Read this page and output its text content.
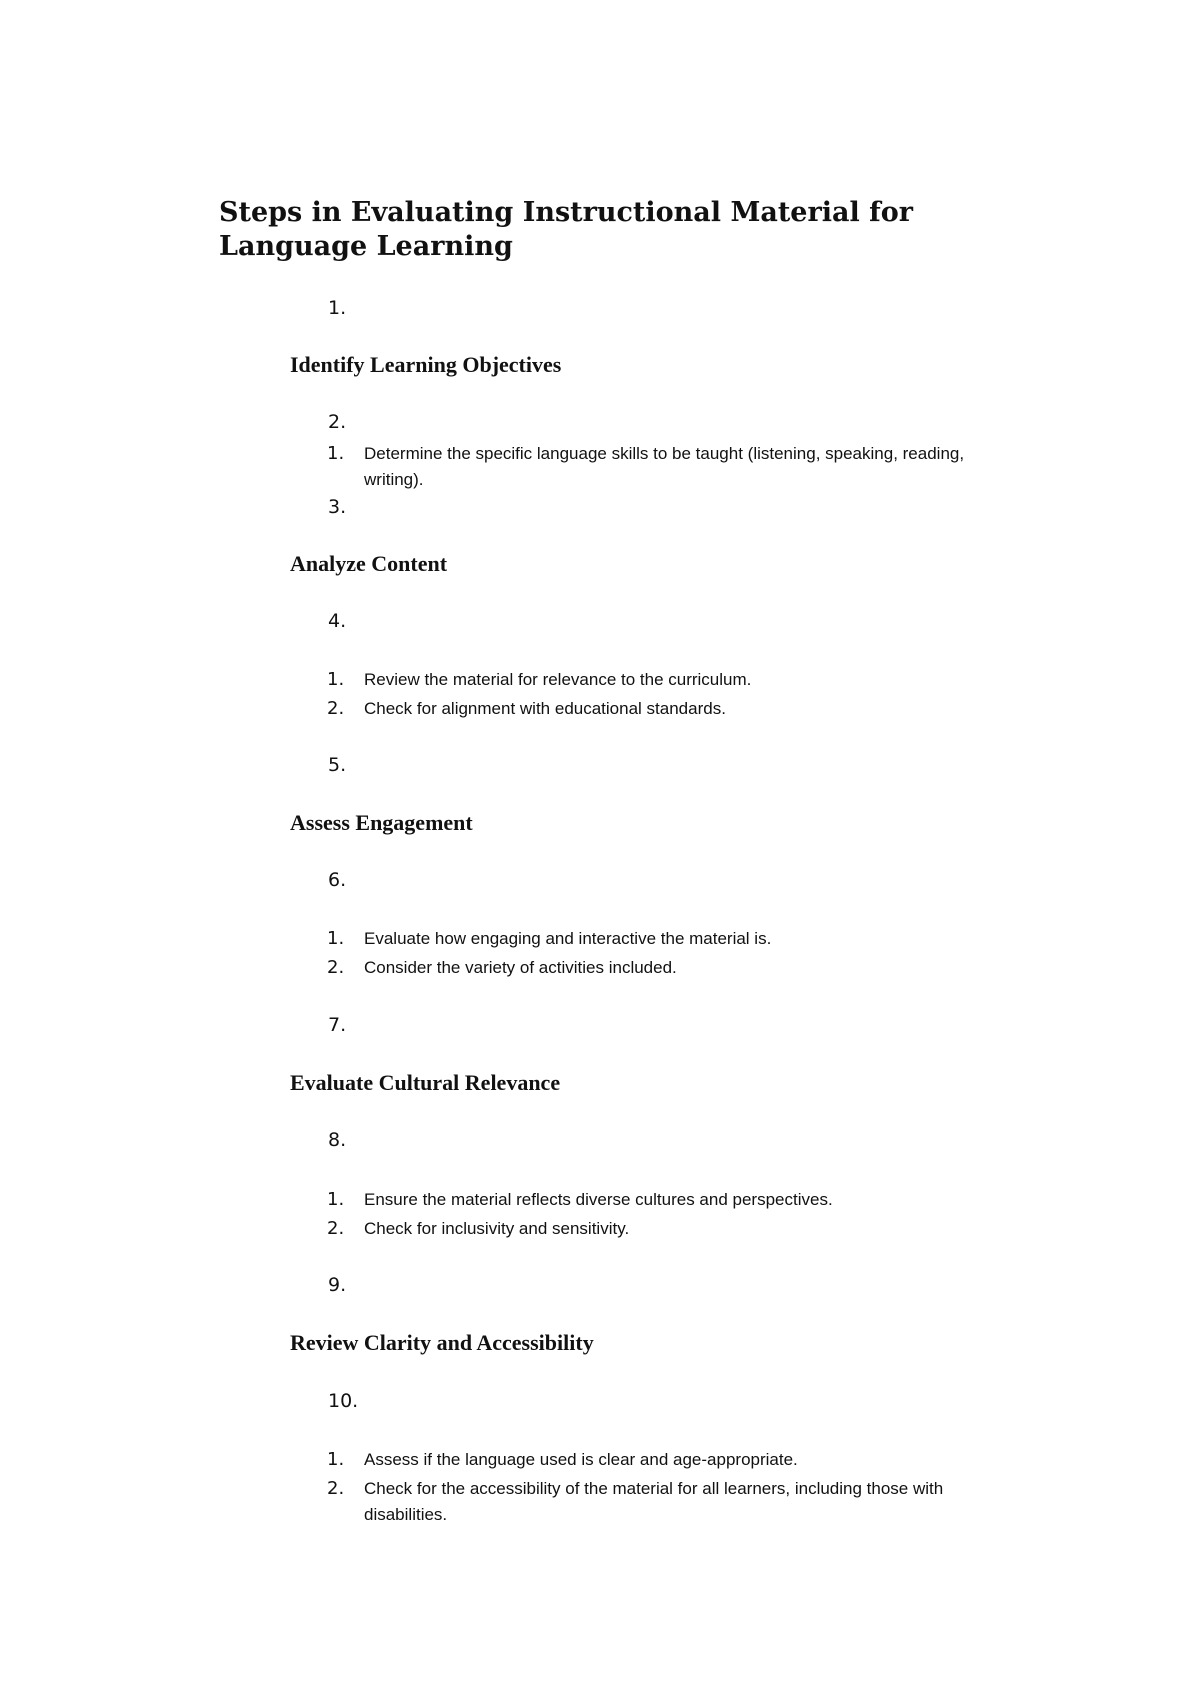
Steps in Evaluating Instructional Material for Language Learning
1.
Identify Learning Objectives
2.
1. Determine the specific language skills to be taught (listening, speaking, reading, writing).
3.
Analyze Content
4.
1. Review the material for relevance to the curriculum.
2. Check for alignment with educational standards.
5.
Assess Engagement
6.
1. Evaluate how engaging and interactive the material is.
2. Consider the variety of activities included.
7.
Evaluate Cultural Relevance
8.
1. Ensure the material reflects diverse cultures and perspectives.
2. Check for inclusivity and sensitivity.
9.
Review Clarity and Accessibility
10.
1. Assess if the language used is clear and age-appropriate.
2. Check for the accessibility of the material for all learners, including those with disabilities.
